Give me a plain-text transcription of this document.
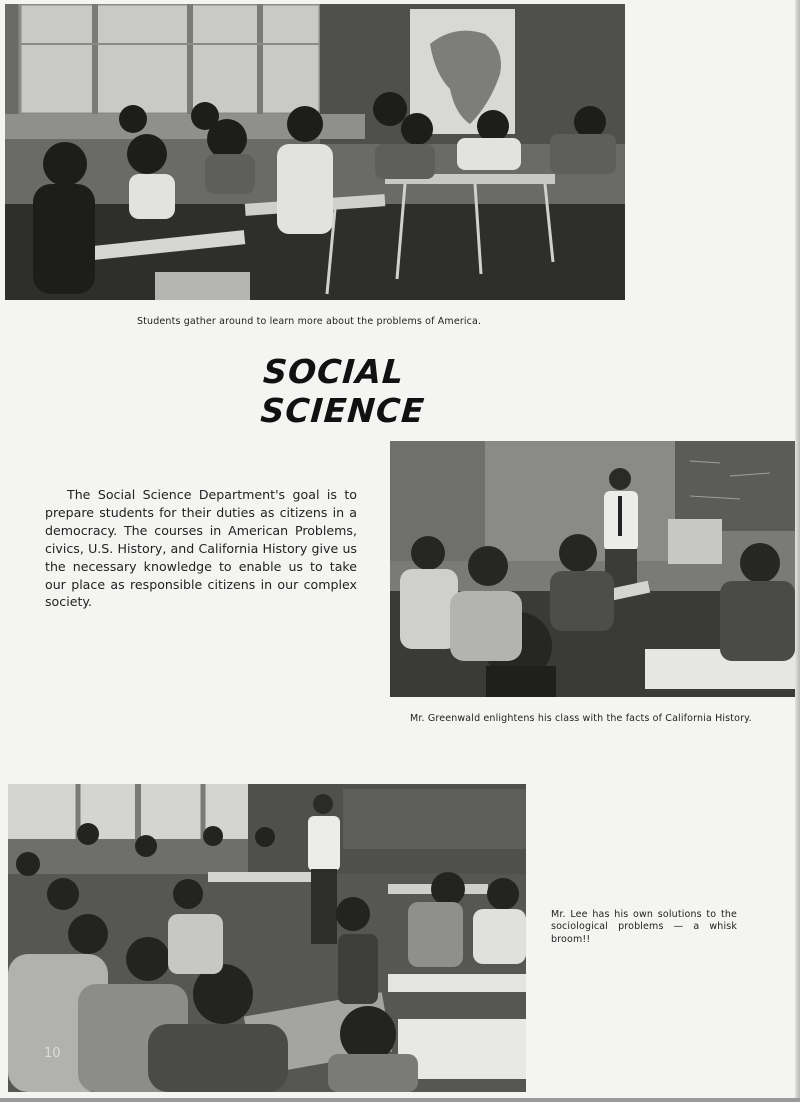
Students gather around to learn more about the problems of America.
SOCIAL SCIENCE
The Social Science Department's goal is to prepare students for their duties as citizens in a democracy. The courses in American Problems, civics, U.S. History, and California History give us the necessary knowledge to enable us to take our place as responsible citizens in our complex society.
Mr. Greenwald enlightens his class with the facts of California History.
10
Mr. Lee has his own solutions to the sociological problems — a whisk broom!!
